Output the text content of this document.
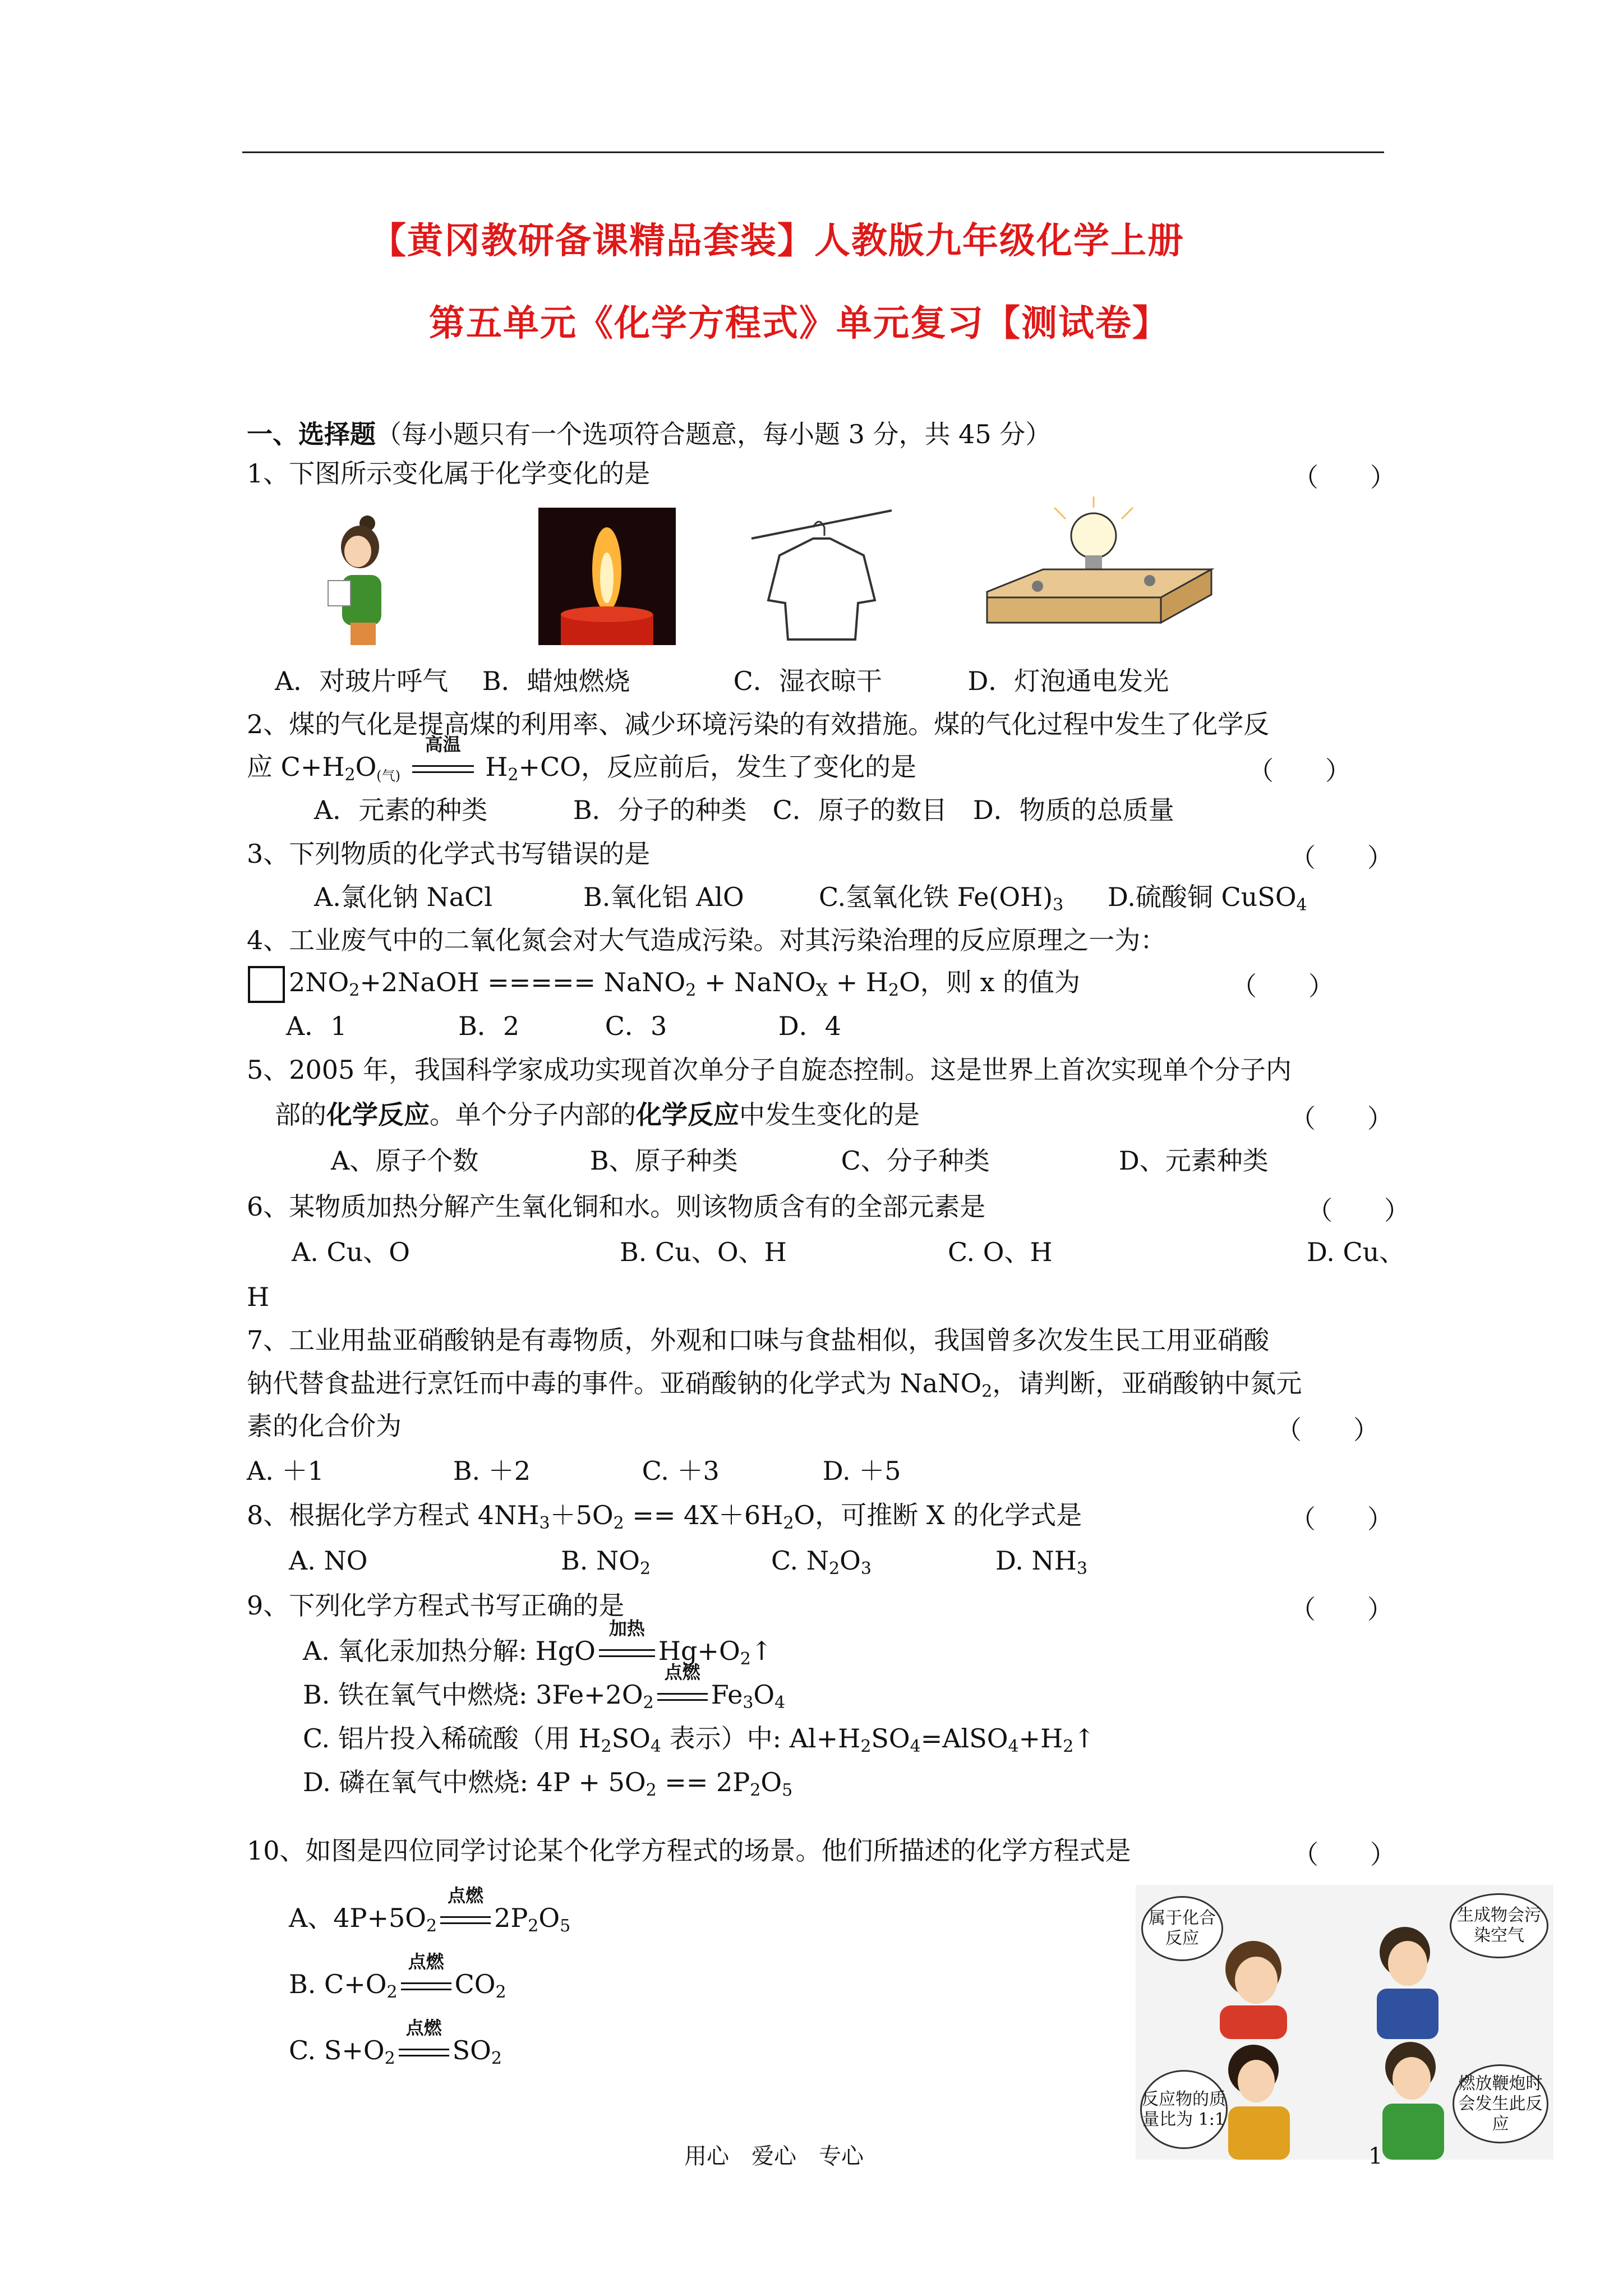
【黄冈教研备课精品套装】人教版九年级化学上册
第五单元《化学方程式》单元复习【测试卷】
一、选择题（每小题只有一个选项符合题意，每小题 3 分，共 45 分）
1、下图所示变化属于化学变化的是	（　　）
A．对玻片呼气　 B．蜡烛燃烧　　　　C．湿衣晾干　　　 D．灯泡通电发光
2、煤的气化是提高煤的利用率、减少环境污染的有效措施。煤的气化过程中发生了化学反
应 $C+H_2O_{(气)}$
高温
$H_2+CO$，反应前后，发生了变化的是	（　　）
A．元素的种类　　　 B．分子的种类　C．原子的数目　D．物质的总质量
3、下列物质的化学式书写错误的是	（　　）
A.氯化钠 NaCl	B.氧化铝 AlO	C.氢氧化铁 $Fe(OH)_3$ D.硫酸铜 CuSO$_4$
4、工业废气中的二氧化氮会对大气造成污染。对其污染治理的反应原理之一为：
$2NO_2+2NaOH$ ===== NaNO$_2$ + NaNO$_X$ + $H_2O$，则 x 的值为	（　　）
A．1　　　　 B．2　　　 C．3　　　　 D．4
5、2005 年，我国科学家成功实现首次单分子自旋态控制。这是世界上首次实现单个分子内
部的化学反应。单个分子内部的化学反应中发生变化的是	（　　）
A、原子个数　　　　 B、原子种类　　　　C、分子种类　　　　　D、元素种类
6、某物质加热分解产生氧化铜和水。则该物质含有的全部元素是	（　　）
A. Cu、O	B. Cu、O、H	C. O、H	D. Cu、
H
7、工业用盐亚硝酸钠是有毒物质，外观和口味与食盐相似，我国曾多次发生民工用亚硝酸
钠代替食盐进行烹饪而中毒的事件。亚硝酸钠的化学式为 NaNO$_2$，请判断，亚硝酸钠中氮元
素的化合价为	（　　）
A. ＋1　　　　　B. ＋2　　　　 C. ＋3　　　　D. ＋5
8、根据化学方程式 $4NH_3+5O_2 == 4X+6H_2O$，可推断 X 的化学式是	（　　）
A. NO	B. $NO_2$	C. $N_2O_3$	D. $NH_3$
9、下列化学方程式书写正确的是	（　　）
A. 氧化汞加热分解: HgO
加热
$Hg+O_2↑$
B. 铁在氧气中燃烧: $3Fe+2O_2$
点燃
$Fe_3O_4$
C. 铝片投入稀硫酸（用 $H_2SO_4$ 表示）中: $Al+H_2SO_4=AlSO_4+H_2↑$
D. 磷在氧气中燃烧: $4P + 5O_2 == 2P_2O_5$
10、如图是四位同学讨论某个化学方程式的场景。他们所描述的化学方程式是	（　　）
A、$4P+5O_2$
点燃
$2P_2O_5$
B. $C+O_2$
点燃
$CO_2$
C. $S+O_2$
点燃
$SO_2$
属于化合反应
生成物会污染空气
反应物的质量比为 1:1
燃放鞭炮时会发生此反应
用心　爱心　专心	1
